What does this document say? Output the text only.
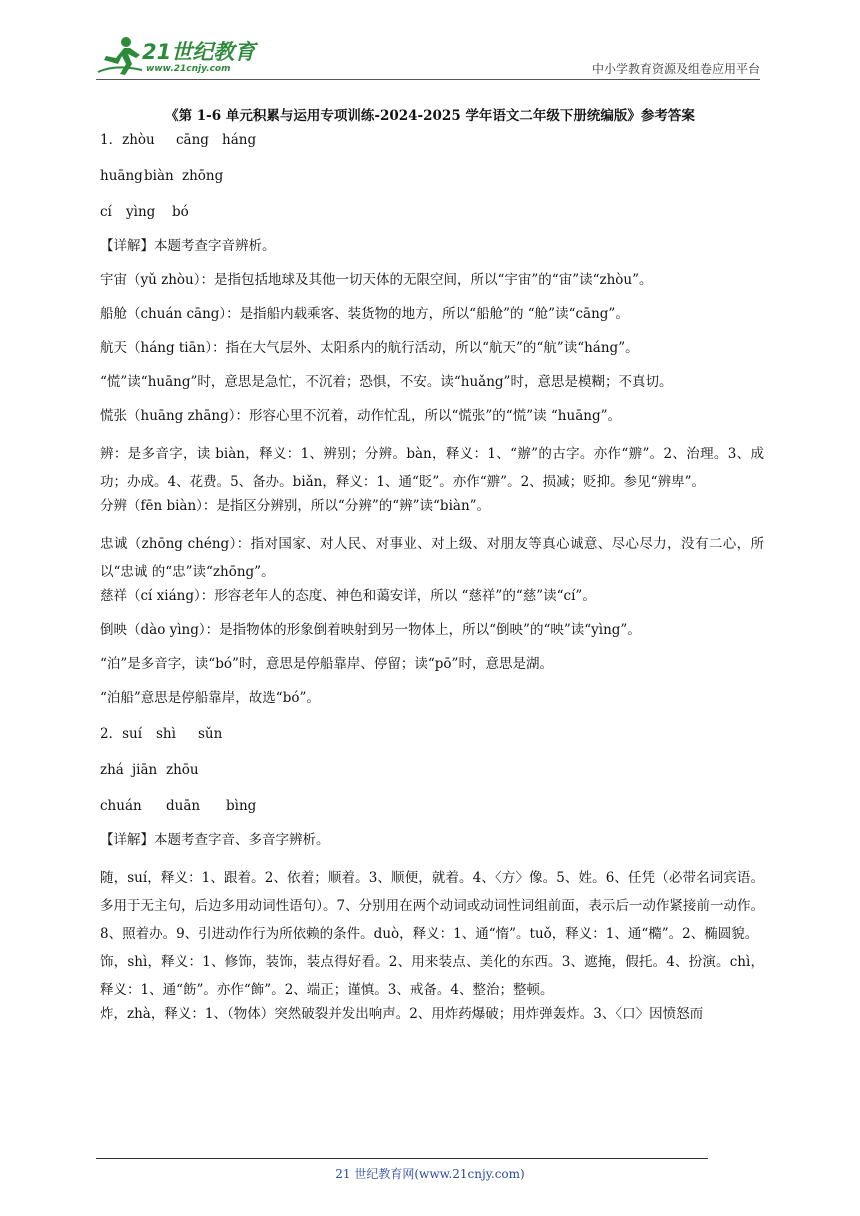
21世纪教育
www.21cnjy.com	中小学教育资源及组卷应用平台
《第 1-6 单元积累与运用专项训练-2024-2025 学年语文二年级下册统编版》参考答案
1．zhòu	cāng háng
huāng biàn zhōng
cí	yìng	bó

【详解】本题考查字音辨析。

宇宙（yǔ zhòu）：是指包括地球及其他一切天体的无限空间，所以“宇宙”的“宙”读“zhòu”。

船舱（chuán cāng）：是指船内载乘客、装货物的地方，所以“船舱”的 “舱”读“cāng”。

航天（háng tiān）：指在大气层外、太阳系内的航行活动，所以“航天”的“航”读“háng”。

“慌”读“huāng”时，意思是急忙，不沉着；恐惧，不安。读“huǎng”时，意思是模糊；不真切。

慌张（huāng zhāng）：形容心里不沉着，动作忙乱，所以“慌张”的“慌”读 “huāng”。

辨：是多音字，读 biàn，释义：1、辨别；分辨。bàn，释义：1、“辦”的古字。亦作“辧”。2、治理。3、成功；办成。4、花费。5、备办。biǎn，释义：1、通“貶”。亦作“辧”。2、损减；贬抑。参见“辨卑”。

分辨（fēn biàn）：是指区分辨别，所以“分辨”的“辨”读“biàn”。

忠诚（zhōng chéng）：指对国家、对人民、对事业、对上级、对朋友等真心诚意、尽心尽力，没有二心，所以“忠诚 的“忠”读“zhōng”。

慈祥（cí xiáng）：形容老年人的态度、神色和蔼安详，所以 “慈祥”的“慈”读“cí”。

倒映（dào yìng）：是指物体的形象倒着映射到另一物体上，所以“倒映”的“映”读“yìng”。

“泊”是多音字，读“bó”时，意思是停船靠岸、停留；读“pō”时，意思是湖。

“泊船”意思是停船靠岸，故选“bó”。

2．suí	shì	sǔn
zhá jiān zhōu
chuán	duān	bìng

【详解】本题考查字音、多音字辨析。

随，suí，释义：1、跟着。2、依着；顺着。3、顺便，就着。4、〈方〉像。5、姓。6、任凭（必带名词宾语。多用于无主句，后边多用动词性语句）。7、分别用在两个动词或动词性词组前面，表示后一动作紧接前一动作。8、照着办。9、引进动作行为所依赖的条件。duò，释义：1、通“惰”。tuǒ，释义：1、通“橢”。2、椭圆貌。

饰，shì，释义：1、修饰，装饰，装点得好看。2、用来装点、美化的东西。3、遮掩，假托。4、扮演。chì，释义：1、通“飭”。亦作“飾”。2、端正；谨慎。3、戒备。4、整治；整顿。

炸，zhà，释义：1、（物体）突然破裂并发出响声。2、用炸药爆破；用炸弹轰炸。3、〈口〉因愤怒而

21 世纪教育网(www.21cnjy.com)
